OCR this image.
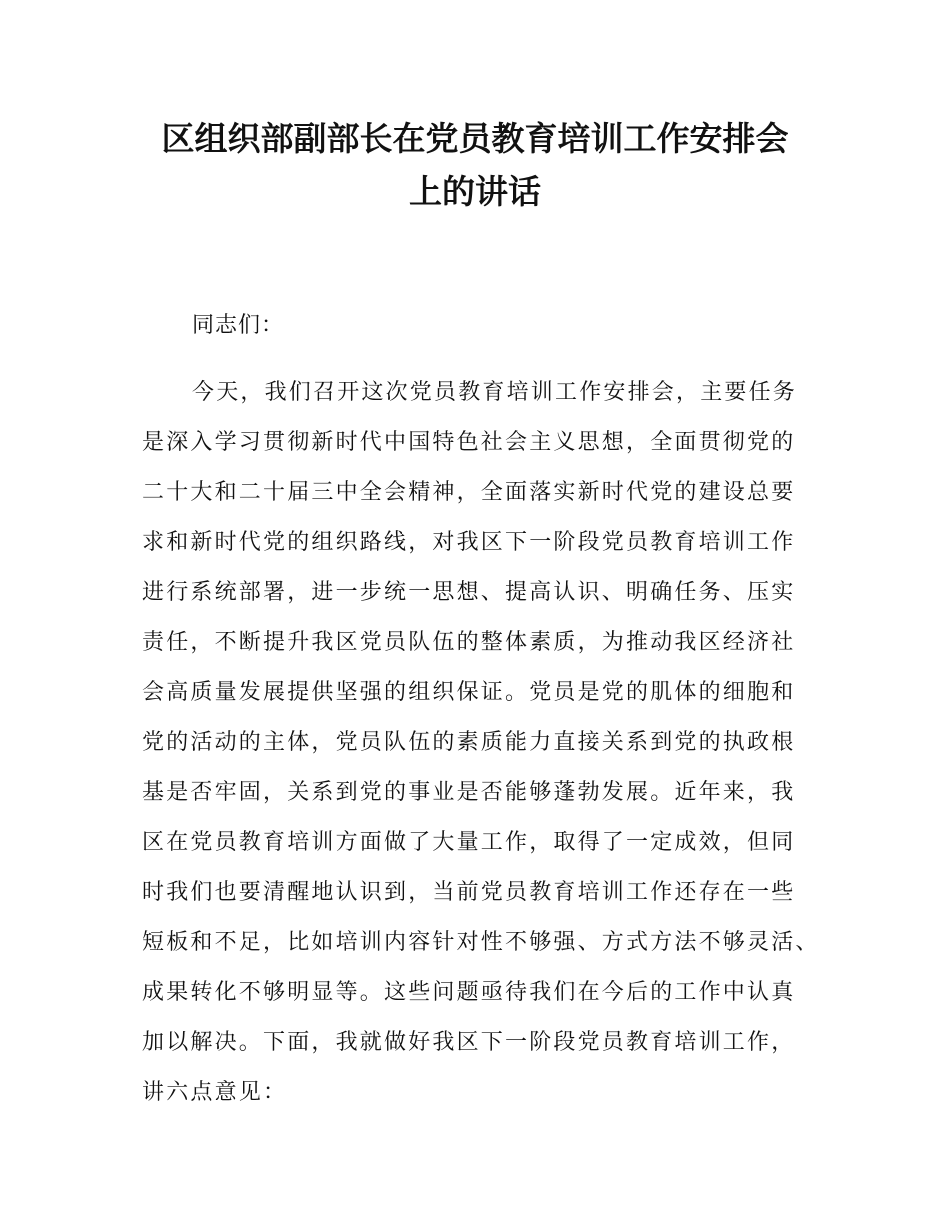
区组织部副部长在党员教育培训工作安排会
上的讲话

同志们：

今天，我们召开这次党员教育培训工作安排会，主要任务
是深入学习贯彻新时代中国特色社会主义思想，全面贯彻党的
二十大和二十届三中全会精神，全面落实新时代党的建设总要
求和新时代党的组织路线，对我区下一阶段党员教育培训工作
进行系统部署，进一步统一思想、提高认识、明确任务、压实
责任，不断提升我区党员队伍的整体素质，为推动我区经济社
会高质量发展提供坚强的组织保证。党员是党的肌体的细胞和
党的活动的主体，党员队伍的素质能力直接关系到党的执政根
基是否牢固，关系到党的事业是否能够蓬勃发展。近年来，我
区在党员教育培训方面做了大量工作，取得了一定成效，但同
时我们也要清醒地认识到，当前党员教育培训工作还存在一些
短板和不足，比如培训内容针对性不够强、方式方法不够灵活、
成果转化不够明显等。这些问题亟待我们在今后的工作中认真
加以解决。下面，我就做好我区下一阶段党员教育培训工作，
讲六点意见：
